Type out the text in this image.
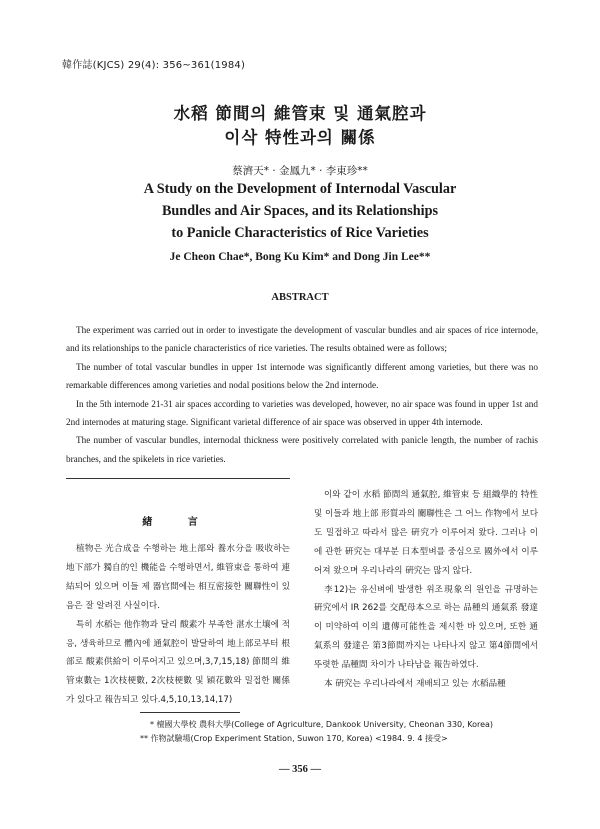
韓作誌(KJCS) 29(4): 356~361(1984)
水稻 節間의 維管束 및 通氣腔과
이삭 特性과의 關係
蔡濟天* · 金鳳九* · 李東珍**
A Study on the Development of Internodal Vascular
Bundles and Air Spaces, and its Relationships
to Panicle Characteristics of Rice Varieties
Je Cheon Chae*, Bong Ku Kim* and Dong Jin Lee**
ABSTRACT

The experiment was carried out in order to investigate the development of vascular bundles and air spaces of rice internode, and its relationships to the panicle characteristics of rice varieties. The results obtained were as follows;

The number of total vascular bundles in upper 1st internode was significantly different among varieties, but there was no remarkable differences among varieties and nodal positions below the 2nd internode.

In the 5th internode 21-31 air spaces according to varieties was developed, however, no air space was found in upper 1st and 2nd internodes at maturing stage. Significant varietal difference of air space was observed in upper 4th internode.

The number of vascular bundles, internodal thickness were positively correlated with panicle length, the number of rachis branches, and the spikelets in rice varieties.

緖 言

植物은 光合成을 수행하는 地上部와 養水分을 吸收하는 地下部가 獨自的인 機能을 수행하면서, 維管束을 통하여 連結되어 있으며 이들 제 器官間에는 相互密接한 關聯性이 있음은 잘 알려진 사실이다.

특히 水稻는 他作物과 달리 酸素가 부족한 湛水土壤에 적응, 생육하므로 體內에 通氣腔이 발달하여 地上部로부터 根部로 酸素供給이 이루어지고 있으며,3,7,15,18) 節間의 維管束數는 1次枝梗數, 2次枝梗數 및 穎花數와 밀접한 關係가 있다고 報告되고 있다.4,5,10,13,14,17)

이와 같이 水稻 節間의 通氣腔, 維管束 등 組織學的 特性 및 이들과 地上部 形質과의 關聯性은 그 어느 作物에서 보다도 밀접하고 따라서 많은 硏究가 이루어져 왔다. 그러나 이에 관한 硏究는 대부분 日本型벼를 중심으로 國外에서 이루어져 왔으며 우리나라의 硏究는 많지 않다.

李12)는 유신벼에 발생한 위조現象의 원인을 규명하는 硏究에서 IR 262를 交配母本으로 하는 品種의 通氣系 發達이 미약하여 이의 遺傳可能性을 제시한 바 있으며, 또한 通氣系의 發達은 第3節間까지는 나타나지 않고 第4節間에서 뚜렷한 品種間 차이가 나타남을 報告하였다.

本 硏究는 우리나라에서 재배되고 있는 水稻品種

* 檀國大學校 農科大學(College of Agriculture, Dankook University, Cheonan 330, Korea)
** 作物試驗場(Crop Experiment Station, Suwon 170, Korea) <1984. 9. 4 接受>
— 356 —
